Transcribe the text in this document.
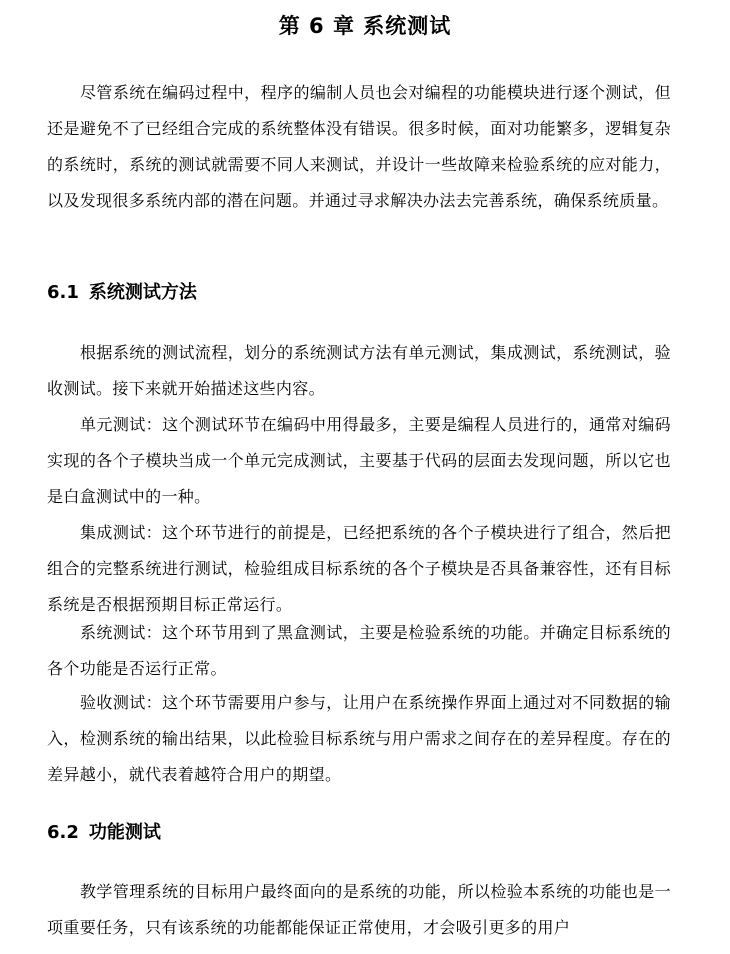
第 6 章 系统测试

尽管系统在编码过程中，程序的编制人员也会对编程的功能模块进行逐个测试，但还是避免不了已经组合完成的系统整体没有错误。很多时候，面对功能繁多，逻辑复杂的系统时，系统的测试就需要不同人来测试，并设计一些故障来检验系统的应对能力，以及发现很多系统内部的潜在问题。并通过寻求解决办法去完善系统，确保系统质量。

6.1 系统测试方法

根据系统的测试流程，划分的系统测试方法有单元测试，集成测试，系统测试，验收测试。接下来就开始描述这些内容。

单元测试：这个测试环节在编码中用得最多，主要是编程人员进行的，通常对编码实现的各个子模块当成一个单元完成测试，主要基于代码的层面去发现问题，所以它也是白盒测试中的一种。

集成测试：这个环节进行的前提是，已经把系统的各个子模块进行了组合，然后把组合的完整系统进行测试，检验组成目标系统的各个子模块是否具备兼容性，还有目标系统是否根据预期目标正常运行。

系统测试：这个环节用到了黑盒测试，主要是检验系统的功能。并确定目标系统的各个功能是否运行正常。

验收测试：这个环节需要用户参与，让用户在系统操作界面上通过对不同数据的输入，检测系统的输出结果，以此检验目标系统与用户需求之间存在的差异程度。存在的差异越小，就代表着越符合用户的期望。

6.2 功能测试

教学管理系统的目标用户最终面向的是系统的功能，所以检验本系统的功能也是一项重要任务，只有该系统的功能都能保证正常使用，才会吸引更多的用户
